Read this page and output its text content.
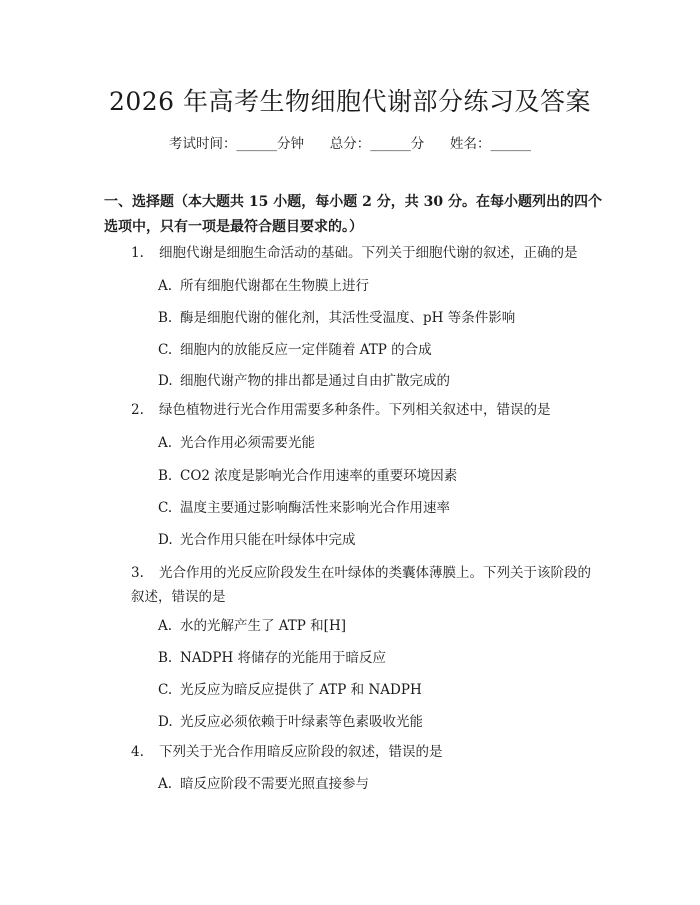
2026 年高考生物细胞代谢部分练习及答案
考试时间：______分钟      总分：______分      姓名：______
一、选择题（本大题共 15 小题，每小题 2 分，共 30 分。在每小题列出的四个选项中，只有一项是最符合题目要求的。）
1. 细胞代谢是细胞生命活动的基础。下列关于细胞代谢的叙述，正确的是
A. 所有细胞代谢都在生物膜上进行
B. 酶是细胞代谢的催化剂，其活性受温度、pH 等条件影响
C. 细胞内的放能反应一定伴随着 ATP 的合成
D. 细胞代谢产物的排出都是通过自由扩散完成的
2. 绿色植物进行光合作用需要多种条件。下列相关叙述中，错误的是
A. 光合作用必须需要光能
B. CO2 浓度是影响光合作用速率的重要环境因素
C. 温度主要通过影响酶活性来影响光合作用速率
D. 光合作用只能在叶绿体中完成
3. 光合作用的光反应阶段发生在叶绿体的类囊体薄膜上。下列关于该阶段的叙述，错误的是
A. 水的光解产生了 ATP 和[H]
B. NADPH 将储存的光能用于暗反应
C. 光反应为暗反应提供了 ATP 和 NADPH
D. 光反应必须依赖于叶绿素等色素吸收光能
4. 下列关于光合作用暗反应阶段的叙述，错误的是
A. 暗反应阶段不需要光照直接参与
